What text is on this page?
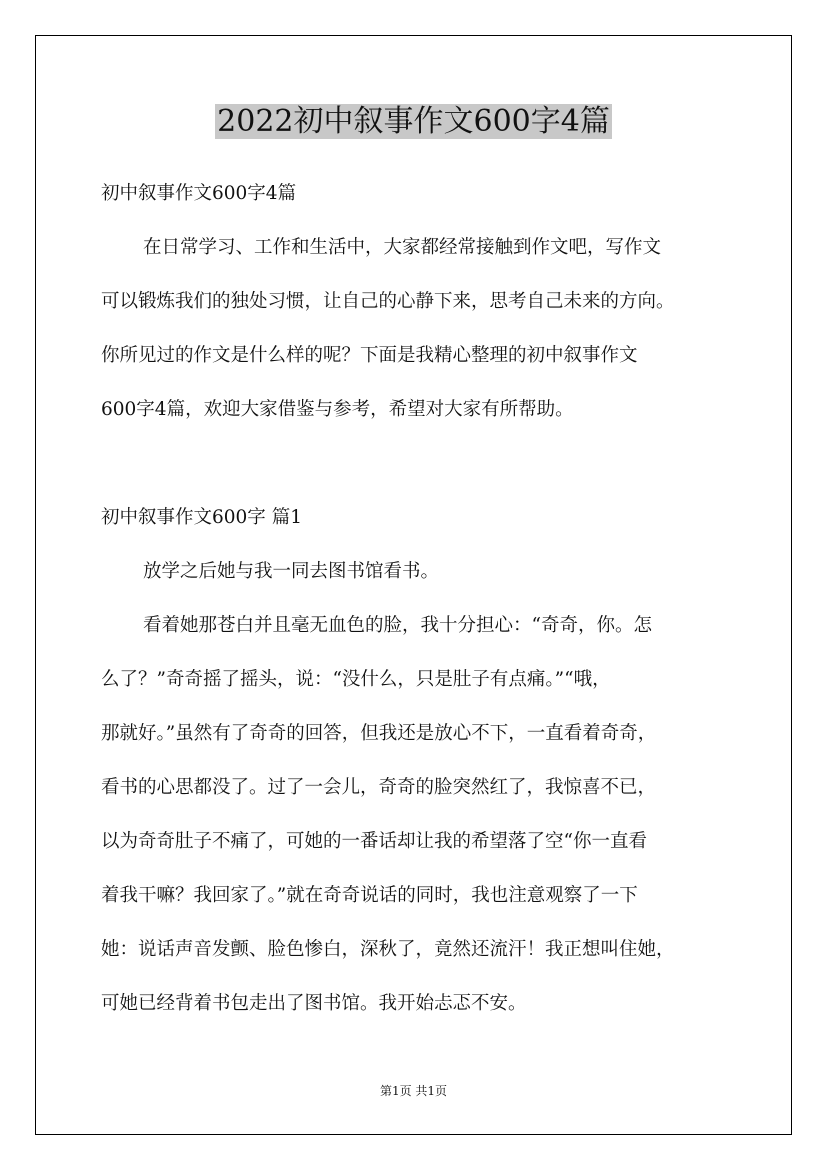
2022初中叙事作文600字4篇

初中叙事作文600字4篇

在日常学习、工作和生活中，大家都经常接触到作文吧，写作文

可以锻炼我们的独处习惯，让自己的心静下来，思考自己未来的方向。

你所见过的作文是什么样的呢？下面是我精心整理的初中叙事作文

600字4篇，欢迎大家借鉴与参考，希望对大家有所帮助。

初中叙事作文600字 篇1

放学之后她与我一同去图书馆看书。

看着她那苍白并且毫无血色的脸，我十分担心：“奇奇，你。怎

么了？”奇奇摇了摇头，说：“没什么，只是肚子有点痛。”“哦，

那就好。”虽然有了奇奇的回答，但我还是放心不下，一直看着奇奇，

看书的心思都没了。过了一会儿，奇奇的脸突然红了，我惊喜不已，

以为奇奇肚子不痛了，可她的一番话却让我的希望落了空“你一直看

着我干嘛？我回家了。”就在奇奇说话的同时，我也注意观察了一下

她：说话声音发颤、脸色惨白，深秋了，竟然还流汗！我正想叫住她，

可她已经背着书包走出了图书馆。我开始忐忑不安。

第1页 共1页
